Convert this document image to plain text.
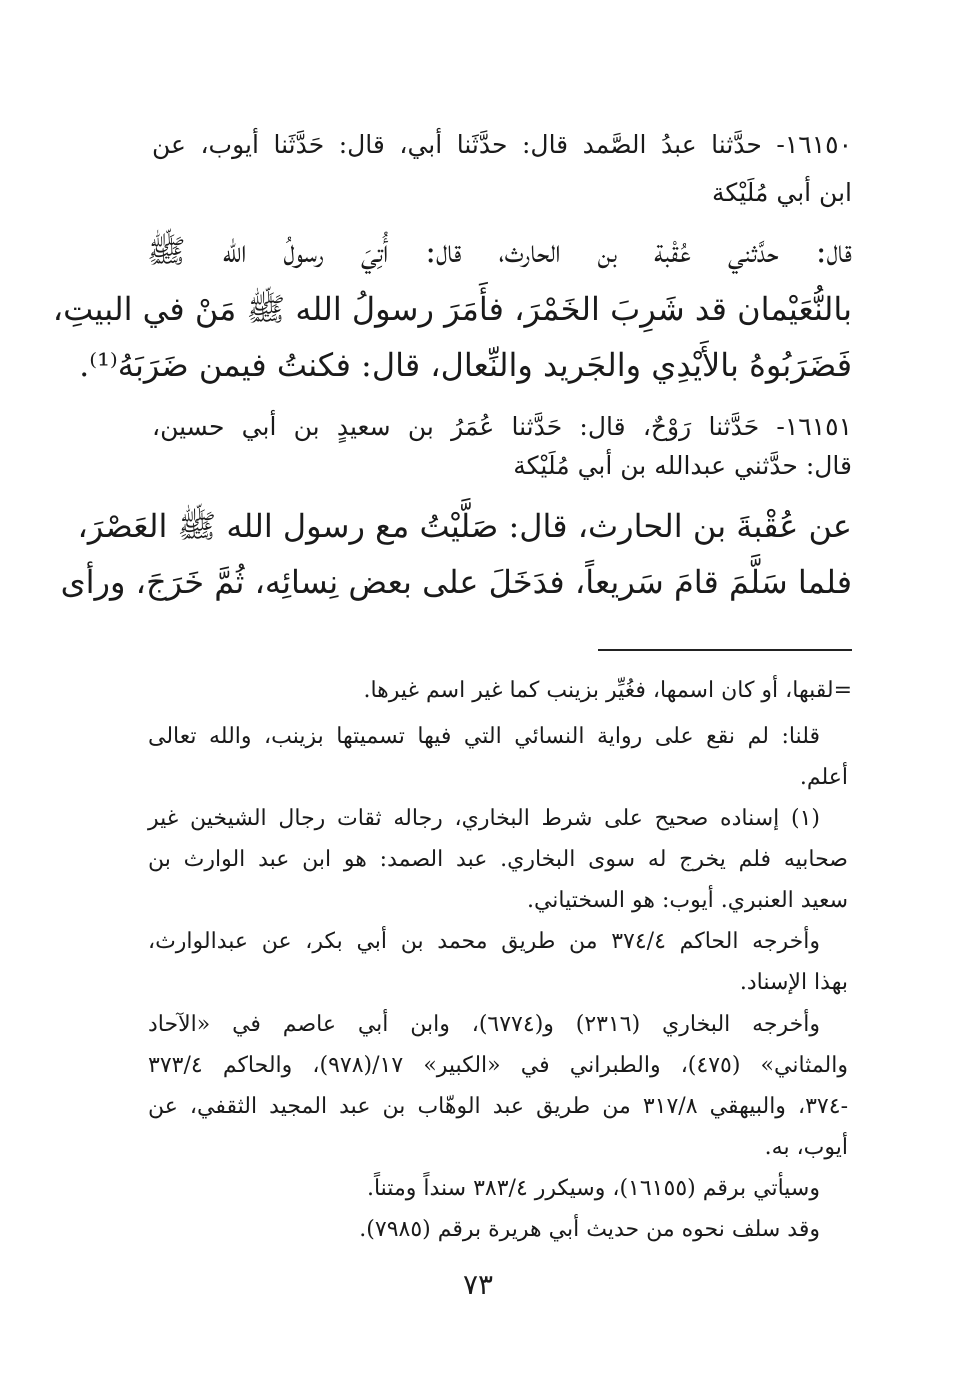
١٦١٥٠- حدَّثنا عبدُ الصَّمد قال: حدَّثَنا أبي، قال: حَدَّثَنا أيوب، عن
ابن أبي مُلَيْكة
قال: حدَّثني عُقْبة بن الحارث، قال: أُتِيَ رسولُ الله ﷺ
بالنُّعَيْمان قد شَرِبَ الخَمْرَ، فأَمَرَ رسولُ الله ﷺ مَنْ في البيتِ،
فَضَرَبُوهُ بالأَيْدِي والجَريد والنِّعال، قال: فكنتُ فيمن ضَرَبَهُ⁽¹⁾.
١٦١٥١- حَدَّثنا رَوْحٌ، قال: حَدَّثنا عُمَرُ بن سعيدٍ بن أبي حسين،
قال: حدَّثني عبدالله بن أبي مُلَيْكة
عن عُقْبةَ بن الحارث، قال: صَلَّيْتُ مع رسول الله ﷺ العَصْرَ،
فلما سَلَّمَ قامَ سَريعاً، فدَخَلَ على بعض نِسائِه، ثُمَّ خَرَجَ، ورأى
=لقبها، أو كان اسمها، فغُيِّر بزينب كما غير اسم غيرها.
قلنا: لم نقع على رواية النسائي التي فيها تسميتها بزينب، والله تعالى
أعلم.
(١) إسناده صحيح على شرط البخاري، رجاله ثقات رجال الشيخين غير
صحابيه فلم يخرج له سوى البخاري. عبد الصمد: هو ابن عبد الوارث بن
سعيد العنبري. أيوب: هو السختياني.
وأخرجه الحاكم ٣٧٤/٤ من طريق محمد بن أبي بكر، عن عبدالوارث،
بهذا الإسناد.
وأخرجه البخاري (٢٣١٦) و(٦٧٧٤)، وابن أبي عاصم في «الآحاد
والمثاني» (٤٧٥)، والطبراني في «الكبير» ١٧/(٩٧٨)، والحاكم ٣٧٣/٤
-٣٧٤، والبيهقي ٣١٧/٨ من طريق عبد الوهّاب بن عبد المجيد الثقفي، عن
أيوب، به.
وسيأتي برقم (١٦١٥٥)، وسيكرر ٣٨٣/٤ سنداً ومتناً.
وقد سلف نحوه من حديث أبي هريرة برقم (٧٩٨٥).
٧٣
